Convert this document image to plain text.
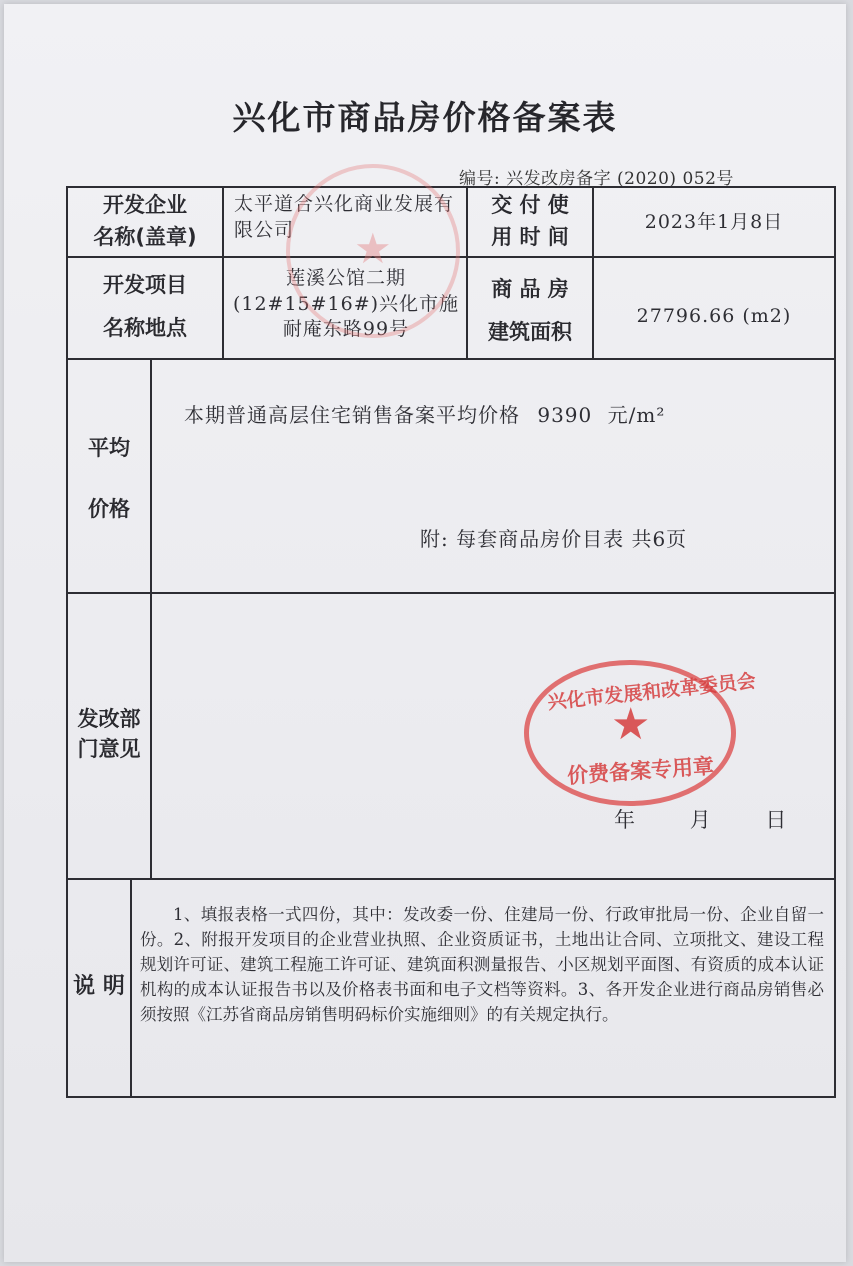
兴化市商品房价格备案表
编号: 兴发改房备字 (2020) 052号
开发企业
名称(盖章)
太平道合兴化商业发展有限公司
交 付 使
用 时 间
2023年1月8日
开发项目
名称地点
莲溪公馆二期(12#15#16#)兴化市施耐庵东路99号
商 品 房
建筑面积
27796.66 (m2)
平均
价格
本期普通高层住宅销售备案平均价格 9390 元/m²
附: 每套商品房价目表 共6页
发改部
门意见
年	月	日
说 明
1、填报表格一式四份，其中：发改委一份、住建局一份、行政审批局一份、企业自留一份。2、附报开发项目的企业营业执照、企业资质证书，土地出让合同、立项批文、建设工程规划许可证、建筑工程施工许可证、建筑面积测量报告、小区规划平面图、有资质的成本认证机构的成本认证报告书以及价格表书面和电子文档等资料。3、各开发企业进行商品房销售必须按照《江苏省商品房销售明码标价实施细则》的有关规定执行。
★
兴化市发展和改革委员会
★
价费备案专用章
